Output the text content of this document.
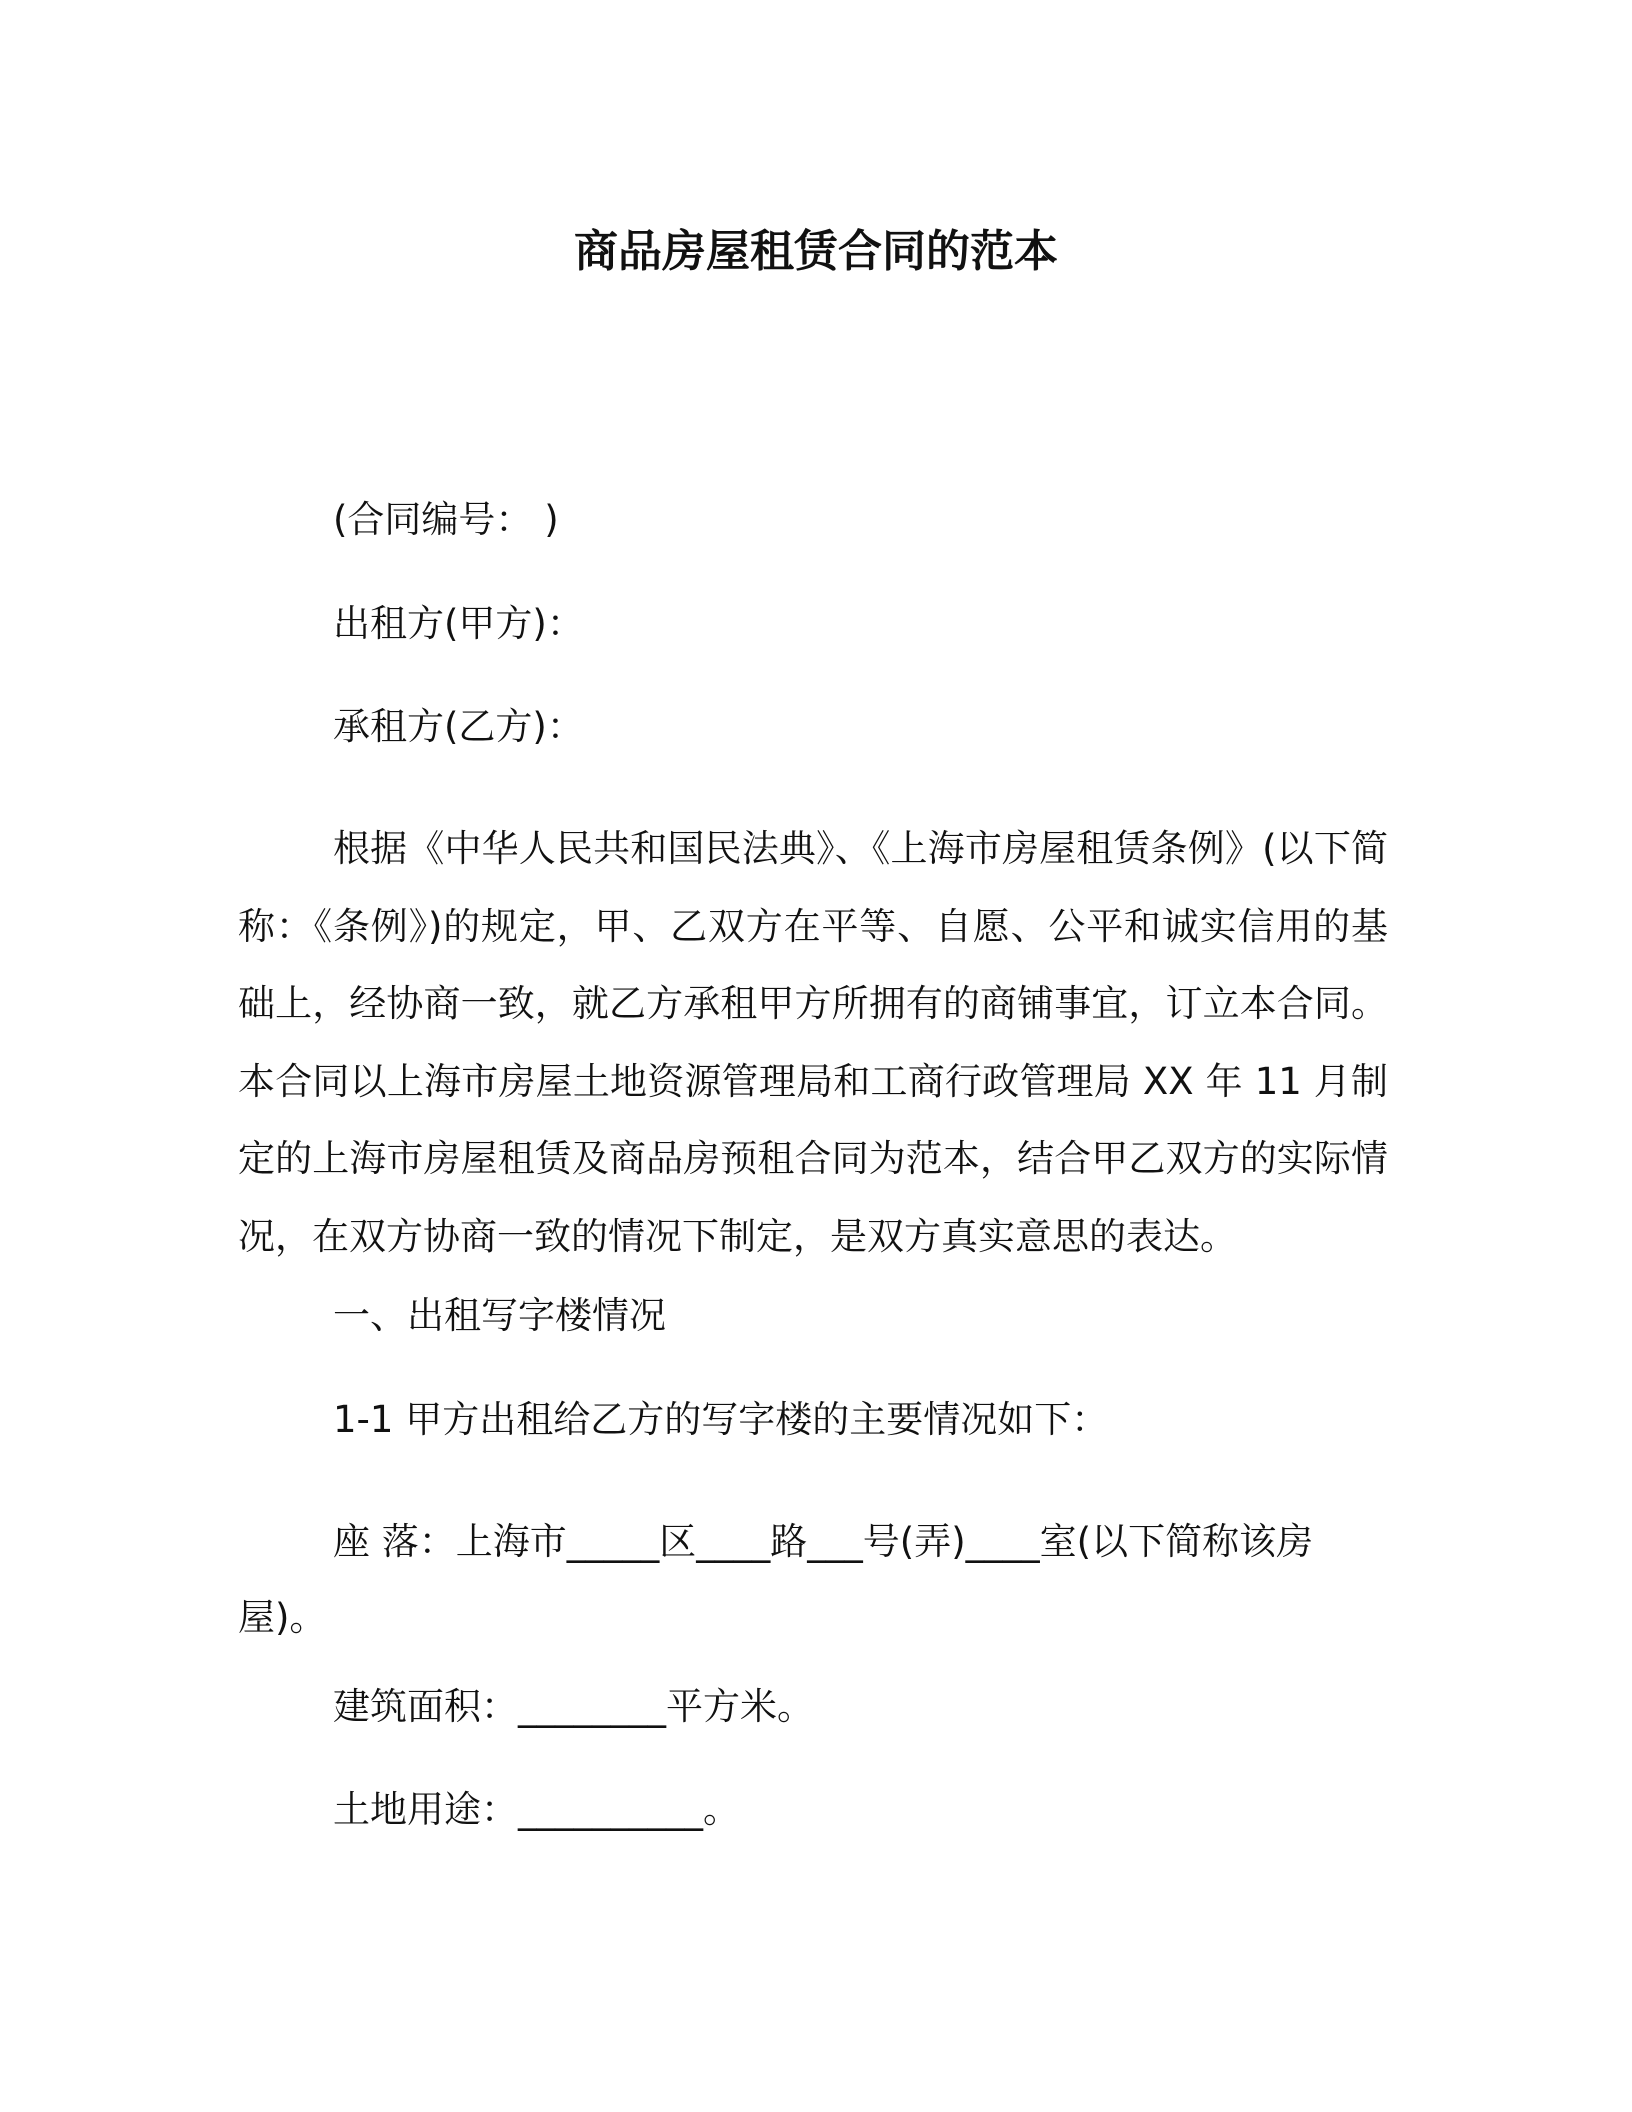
商品房屋租赁合同的范本
(合同编号： )
出租方(甲方)：
承租方(乙方)：
根据《中华人民共和国民法典》、《上海市房屋租赁条例》(以下简称：《条例》)的规定，甲、乙双方在平等、自愿、公平和诚实信用的基础上，经协商一致，就乙方承租甲方所拥有的商铺事宜，订立本合同。本合同以上海市房屋土地资源管理局和工商行政管理局 XX 年 11 月制定的上海市房屋租赁及商品房预租合同为范本，结合甲乙双方的实际情况，在双方协商一致的情况下制定，是双方真实意思的表达。
一、出租写字楼情况
1-1 甲方出租给乙方的写字楼的主要情况如下：
座 落：上海市_____区____路___号(弄)____室(以下简称该房屋)。
建筑面积：________平方米。
土地用途：__________。
